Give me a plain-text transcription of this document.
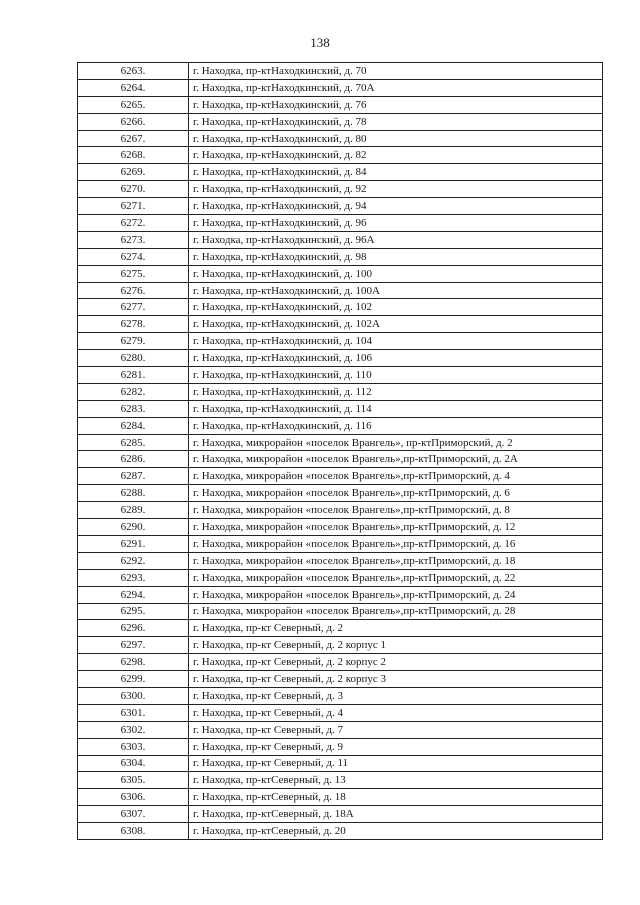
138
6263.	г. Находка, пр-ктНаходкинский, д. 70
6264.	г. Находка, пр-ктНаходкинский, д. 70А
6265.	г. Находка, пр-ктНаходкинский, д. 76
6266.	г. Находка, пр-ктНаходкинский, д. 78
6267.	г. Находка, пр-ктНаходкинский, д. 80
6268.	г. Находка, пр-ктНаходкинский, д. 82
6269.	г. Находка, пр-ктНаходкинский, д. 84
6270.	г. Находка, пр-ктНаходкинский, д. 92
6271.	г. Находка, пр-ктНаходкинский, д. 94
6272.	г. Находка, пр-ктНаходкинский, д. 96
6273.	г. Находка, пр-ктНаходкинский, д. 96А
6274.	г. Находка, пр-ктНаходкинский, д. 98
6275.	г. Находка, пр-ктНаходкинский, д. 100
6276.	г. Находка, пр-ктНаходкинский, д. 100А
6277.	г. Находка, пр-ктНаходкинский, д. 102
6278.	г. Находка, пр-ктНаходкинский, д. 102А
6279.	г. Находка, пр-ктНаходкинский, д. 104
6280.	г. Находка, пр-ктНаходкинский, д. 106
6281.	г. Находка, пр-ктНаходкинский, д. 110
6282.	г. Находка, пр-ктНаходкинский, д. 112
6283.	г. Находка, пр-ктНаходкинский, д. 114
6284.	г. Находка, пр-ктНаходкинский, д. 116
6285.	г. Находка, микрорайон «поселок Врангель», пр-ктПриморский, д. 2
6286.	г. Находка, микрорайон «поселок Врангель»,пр-ктПриморский, д. 2А
6287.	г. Находка, микрорайон «поселок Врангель»,пр-ктПриморский, д. 4
6288.	г. Находка, микрорайон «поселок Врангель»,пр-ктПриморский, д. 6
6289.	г. Находка, микрорайон «поселок Врангель»,пр-ктПриморский, д. 8
6290.	г. Находка, микрорайон «поселок Врангель»,пр-ктПриморский, д. 12
6291.	г. Находка, микрорайон «поселок Врангель»,пр-ктПриморский, д. 16
6292.	г. Находка, микрорайон «поселок Врангель»,пр-ктПриморский, д. 18
6293.	г. Находка, микрорайон «поселок Врангель»,пр-ктПриморский, д. 22
6294.	г. Находка, микрорайон «поселок Врангель»,пр-ктПриморский, д. 24
6295.	г. Находка, микрорайон «поселок Врангель»,пр-ктПриморский, д. 28
6296.	г. Находка, пр-кт Северный, д. 2
6297.	г. Находка, пр-кт Северный, д. 2 корпус 1
6298.	г. Находка, пр-кт Северный, д. 2 корпус 2
6299.	г. Находка, пр-кт Северный, д. 2 корпус 3
6300.	г. Находка, пр-кт Северный, д. 3
6301.	г. Находка, пр-кт Северный, д. 4
6302.	г. Находка, пр-кт Северный, д. 7
6303.	г. Находка, пр-кт Северный, д. 9
6304.	г. Находка, пр-кт Северный, д. 11
6305.	г. Находка, пр-ктСеверный, д. 13
6306.	г. Находка, пр-ктСеверный, д. 18
6307.	г. Находка, пр-ктСеверный, д. 18А
6308.	г. Находка, пр-ктСеверный, д. 20
